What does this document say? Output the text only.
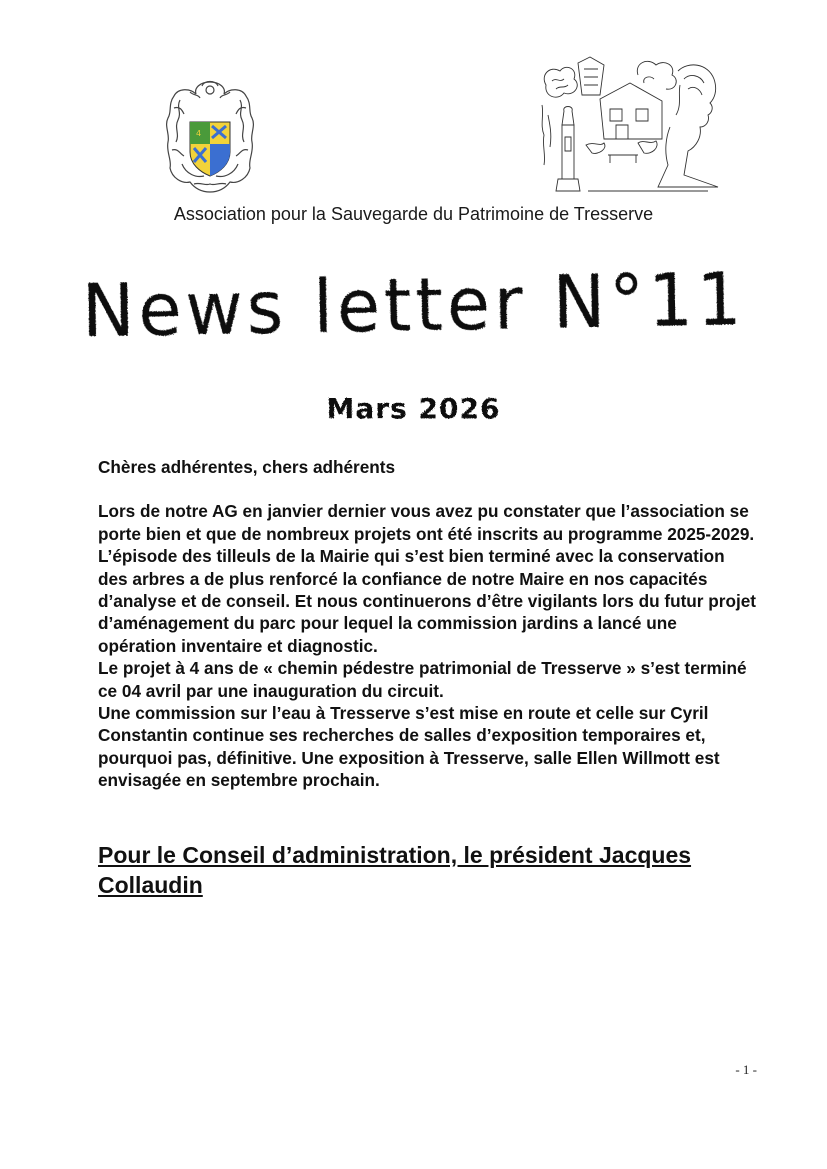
4
Association pour la Sauvegarde du Patrimoine de Tresserve
News letter N°11
Mars 2026

Chères adhérentes, chers adhérents

Lors de notre AG en janvier dernier vous avez pu constater que l’association se porte bien et que de nombreux projets ont été inscrits au programme 2025-2029.

L’épisode des tilleuls de la Mairie qui s’est bien terminé avec la conservation des arbres a de plus renforcé la confiance de notre Maire en nos capacités d’analyse et de conseil. Et nous continuerons d’être vigilants lors du futur projet d’aménagement du parc pour lequel la commission jardins a lancé une opération inventaire et diagnostic.

Le projet à 4 ans de « chemin pédestre patrimonial de Tresserve » s’est terminé ce 04 avril par une inauguration du circuit.

Une commission sur l’eau à Tresserve s’est mise en route et celle sur Cyril Constantin continue ses recherches de salles d’exposition temporaires et, pourquoi pas, définitive. Une exposition à Tresserve, salle Ellen Willmott est envisagée en septembre prochain.

Pour le Conseil d’administration, le président Jacques Collaudin
- 1 -
